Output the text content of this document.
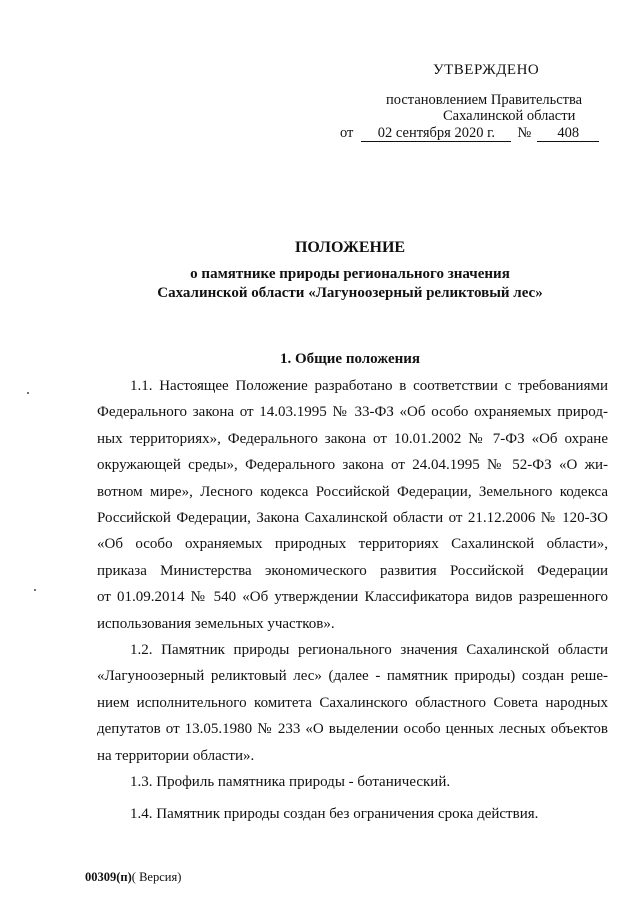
УТВЕРЖДЕНО
постановлением Правительства
Сахалинской области
от 02 сентября 2020 г. № 408
ПОЛОЖЕНИЕ
о памятнике природы регионального значения
Сахалинской области «Лагуноозерный реликтовый лес»
1. Общие положения
1.1. Настоящее Положение разработано в соответствии с требованиями
Федерального закона от 14.03.1995 № 33-ФЗ «Об особо охраняемых природ-
ных территориях», Федерального закона от 10.01.2002 № 7-ФЗ «Об охране
окружающей среды», Федерального закона от 24.04.1995 № 52-ФЗ «О жи-
вотном мире», Лесного кодекса Российской Федерации, Земельного кодекса
Российской Федерации, Закона Сахалинской области от 21.12.2006 № 120-ЗО
«Об особо охраняемых природных территориях Сахалинской области»,
приказа Министерства экономического развития Российской Федерации
от 01.09.2014 № 540 «Об утверждении Классификатора видов разрешенного
использования земельных участков».
1.2. Памятник природы регионального значения Сахалинской области
«Лагуноозерный реликтовый лес» (далее - памятник природы) создан реше-
нием исполнительного комитета Сахалинского областного Совета народных
депутатов от 13.05.1980 № 233 «О выделении особо ценных лесных объектов
на территории области».
1.3. Профиль памятника природы - ботанический.
1.4. Памятник природы создан без ограничения срока действия.
00309(п)( Версия)
